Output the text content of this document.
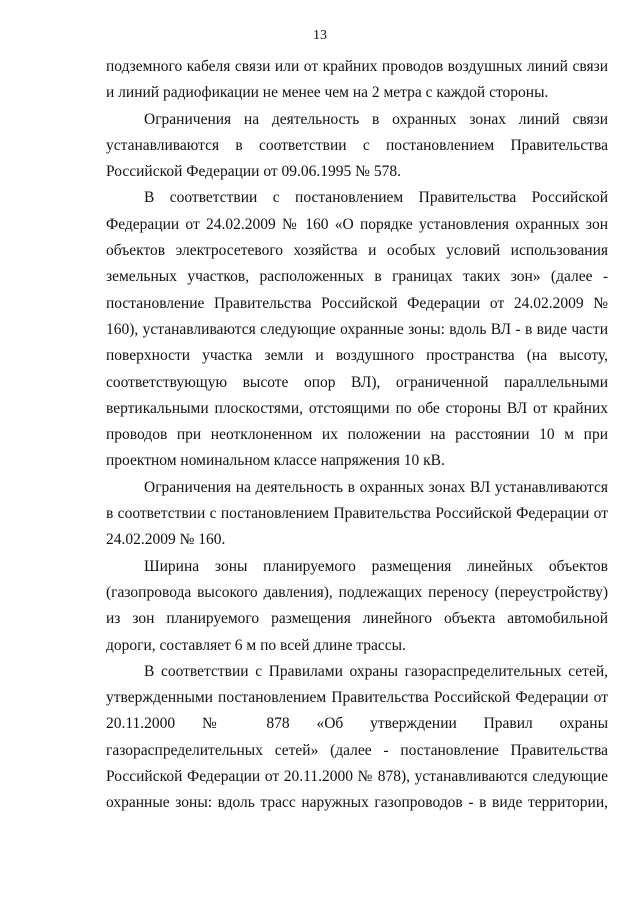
13

подземного кабеля связи или от крайних проводов воздушных линий связи и линий радиофикации не менее чем на 2 метра с каждой стороны.

Ограничения на деятельность в охранных зонах линий связи устанавливаются в соответствии с постановлением Правительства Российской Федерации от 09.06.1995 № 578.

В соответствии с постановлением Правительства Российской Федерации от 24.02.2009 № 160 «О порядке установления охранных зон объектов электросетевого хозяйства и особых условий использования земельных участков, расположенных в границах таких зон» (далее - постановление Правительства Российской Федерации от 24.02.2009 № 160), устанавливаются следующие охранные зоны: вдоль ВЛ - в виде части поверхности участка земли и воздушного пространства (на высоту, соответствующую высоте опор ВЛ), ограниченной параллельными вертикальными плоскостями, отстоящими по обе стороны ВЛ от крайних проводов при неотклоненном их положении на расстоянии 10 м при проектном номинальном классе напряжения 10 кВ.

Ограничения на деятельность в охранных зонах ВЛ устанавливаются в соответствии с постановлением Правительства Российской Федерации от 24.02.2009 № 160.

Ширина зоны планируемого размещения линейных объектов (газопровода высокого давления), подлежащих переносу (переустройству) из зон планируемого размещения линейного объекта автомобильной дороги, составляет 6 м по всей длине трассы.

В соответствии с Правилами охраны газораспределительных сетей, утвержденными постановлением Правительства Российской Федерации от 20.11.2000 № 878 «Об утверждении Правил охраны газораспределительных сетей» (далее - постановление Правительства Российской Федерации от 20.11.2000 № 878), устанавливаются следующие охранные зоны: вдоль трасс наружных газопроводов - в виде территории,
